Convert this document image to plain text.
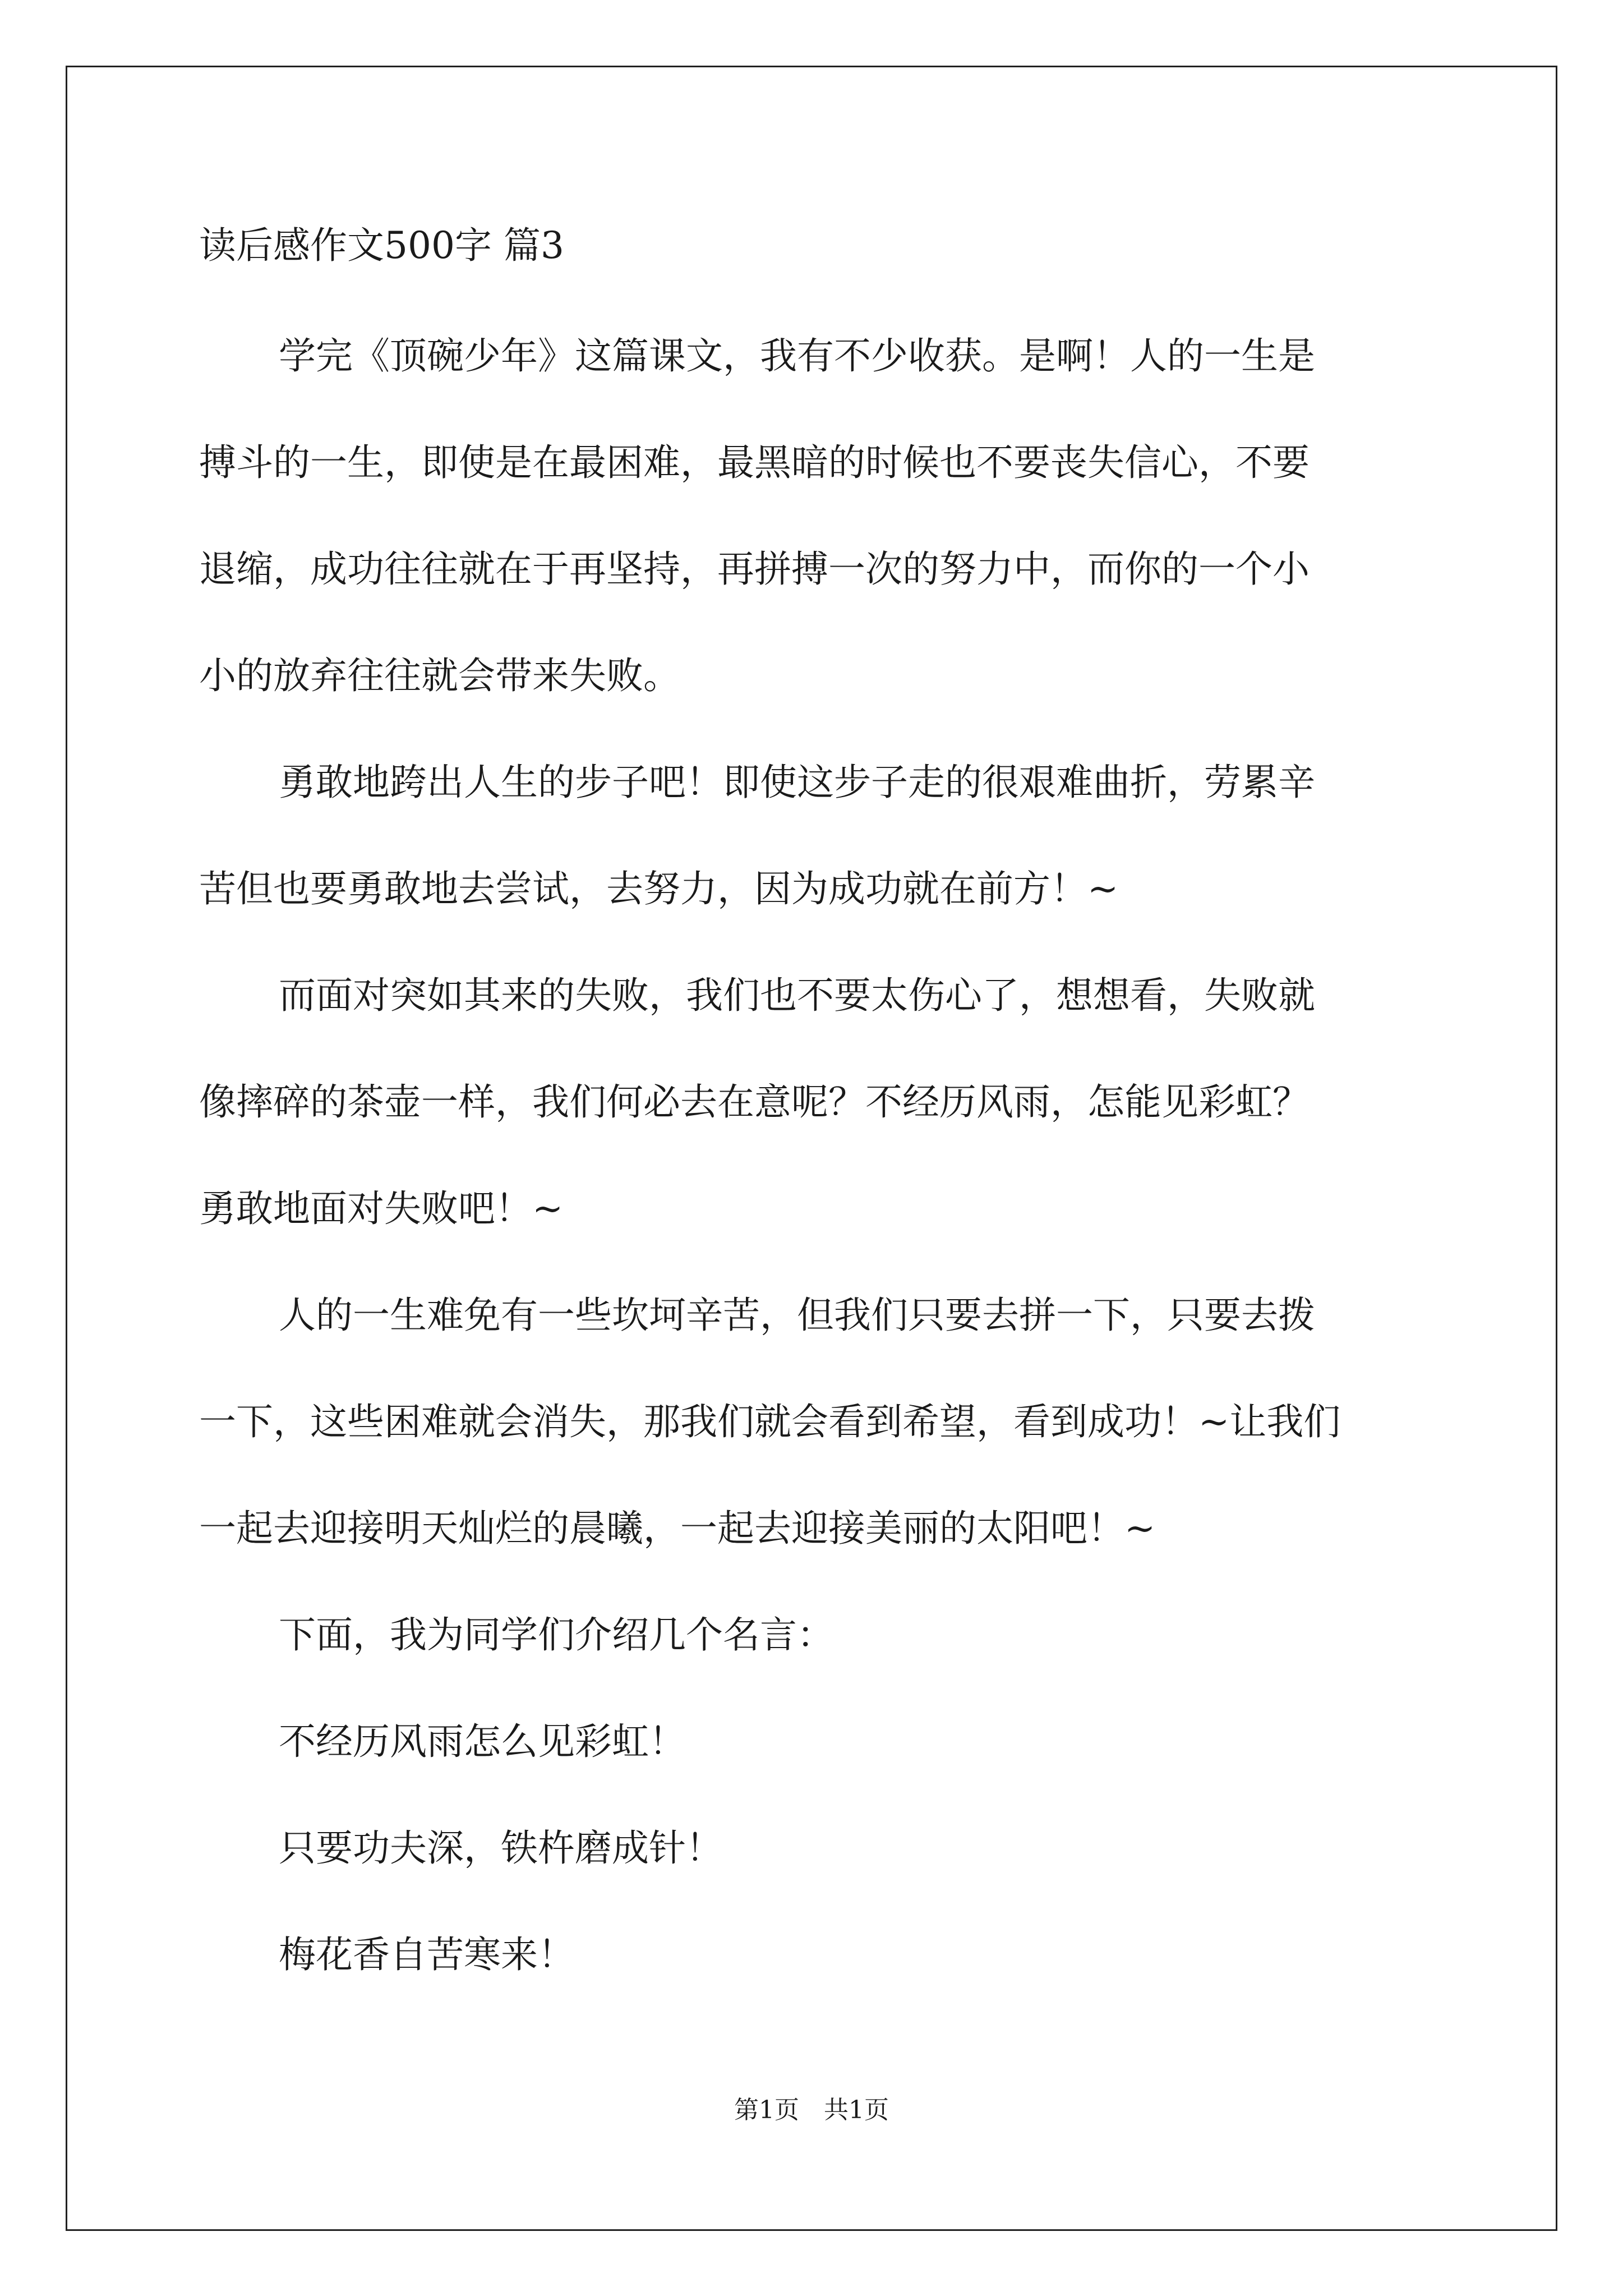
读后感作文500字 篇3

学完《顶碗少年》这篇课文，我有不少收获。是啊！人的一生是
搏斗的一生，即使是在最困难，最黑暗的时候也不要丧失信心，不要
退缩，成功往往就在于再坚持，再拼搏一次的努力中，而你的一个小
小的放弃往往就会带来失败。

勇敢地跨出人生的步子吧！即使这步子走的很艰难曲折，劳累辛
苦但也要勇敢地去尝试，去努力，因为成功就在前方！~

而面对突如其来的失败，我们也不要太伤心了，想想看，失败就
像摔碎的茶壶一样，我们何必去在意呢？不经历风雨，怎能见彩虹？
勇敢地面对失败吧！~

人的一生难免有一些坎坷辛苦，但我们只要去拼一下，只要去拨
一下，这些困难就会消失，那我们就会看到希望，看到成功！~让我们
一起去迎接明天灿烂的晨曦，一起去迎接美丽的太阳吧！~

下面，我为同学们介绍几个名言：

不经历风雨怎么见彩虹！

只要功夫深，铁杵磨成针！

梅花香自苦寒来！

第1页　共1页
